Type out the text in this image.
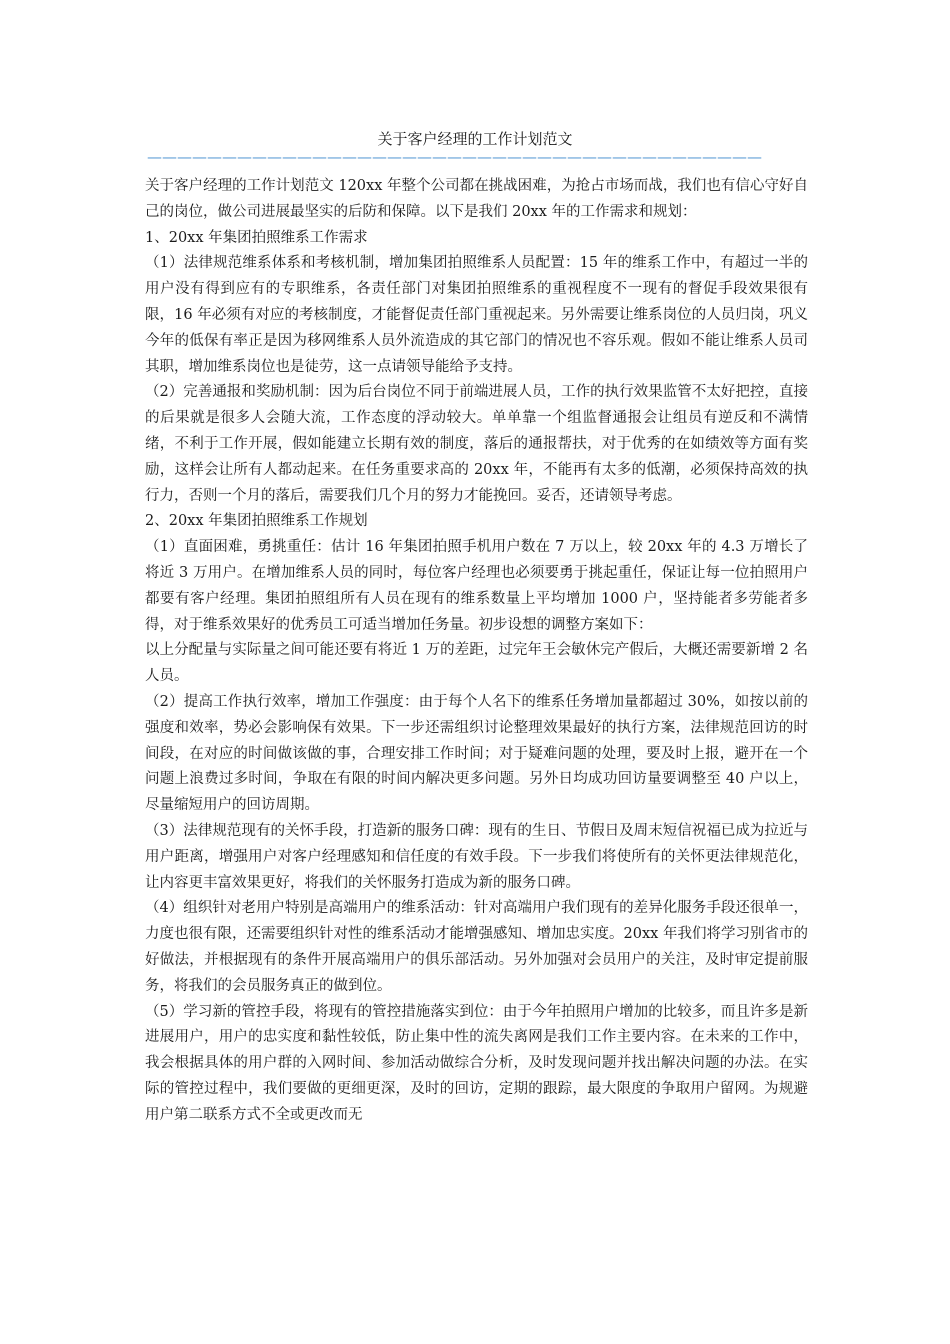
关于客户经理的工作计划范文
—————————————————————————————————————————

关于客户经理的工作计划范文 120xx 年整个公司都在挑战困难，为抢占市场而战，我们也有信心守好自己的岗位，做公司进展最坚实的后防和保障。以下是我们 20xx 年的工作需求和规划：

1、20xx 年集团拍照维系工作需求

（1）法律规范维系体系和考核机制，增加集团拍照维系人员配置：15 年的维系工作中，有超过一半的用户没有得到应有的专职维系，各责任部门对集团拍照维系的重视程度不一现有的督促手段效果很有限，16 年必须有对应的考核制度，才能督促责任部门重视起来。另外需要让维系岗位的人员归岗，巩义今年的低保有率正是因为移网维系人员外流造成的其它部门的情况也不容乐观。假如不能让维系人员司其职，增加维系岗位也是徒劳，这一点请领导能给予支持。

（2）完善通报和奖励机制：因为后台岗位不同于前端进展人员，工作的执行效果监管不太好把控，直接的后果就是很多人会随大流，工作态度的浮动较大。单单靠一个组监督通报会让组员有逆反和不满情绪，不利于工作开展，假如能建立长期有效的制度，落后的通报帮扶，对于优秀的在如绩效等方面有奖励，这样会让所有人都动起来。在任务重要求高的 20xx 年，不能再有太多的低潮，必须保持高效的执行力，否则一个月的落后，需要我们几个月的努力才能挽回。妥否，还请领导考虑。

2、20xx 年集团拍照维系工作规划

（1）直面困难，勇挑重任：估计 16 年集团拍照手机用户数在 7 万以上，较 20xx 年的 4.3 万增长了将近 3 万用户。在增加维系人员的同时，每位客户经理也必须要勇于挑起重任，保证让每一位拍照用户都要有客户经理。集团拍照组所有人员在现有的维系数量上平均增加 1000 户，坚持能者多劳能者多得，对于维系效果好的优秀员工可适当增加任务量。初步设想的调整方案如下：

以上分配量与实际量之间可能还要有将近 1 万的差距，过完年王会敏休完产假后，大概还需要新增 2 名人员。

（2）提高工作执行效率，增加工作强度：由于每个人名下的维系任务增加量都超过 30%，如按以前的强度和效率，势必会影响保有效果。下一步还需组织讨论整理效果最好的执行方案，法律规范回访的时间段，在对应的时间做该做的事，合理安排工作时间；对于疑难问题的处理，要及时上报，避开在一个问题上浪费过多时间，争取在有限的时间内解决更多问题。另外日均成功回访量要调整至 40 户以上，尽量缩短用户的回访周期。

（3）法律规范现有的关怀手段，打造新的服务口碑：现有的生日、节假日及周末短信祝福已成为拉近与用户距离，增强用户对客户经理感知和信任度的有效手段。下一步我们将使所有的关怀更法律规范化，让内容更丰富效果更好，将我们的关怀服务打造成为新的服务口碑。

（4）组织针对老用户特别是高端用户的维系活动：针对高端用户我们现有的差异化服务手段还很单一，力度也很有限，还需要组织针对性的维系活动才能增强感知、增加忠实度。20xx 年我们将学习别省市的好做法，并根据现有的条件开展高端用户的俱乐部活动。另外加强对会员用户的关注，及时审定提前服务，将我们的会员服务真正的做到位。

（5）学习新的管控手段，将现有的管控措施落实到位：由于今年拍照用户增加的比较多，而且许多是新进展用户，用户的忠实度和黏性较低，防止集中性的流失离网是我们工作主要内容。在未来的工作中，我会根据具体的用户群的入网时间、参加活动做综合分析，及时发现问题并找出解决问题的办法。在实际的管控过程中，我们要做的更细更深，及时的回访，定期的跟踪，最大限度的争取用户留网。为规避用户第二联系方式不全或更改而无
